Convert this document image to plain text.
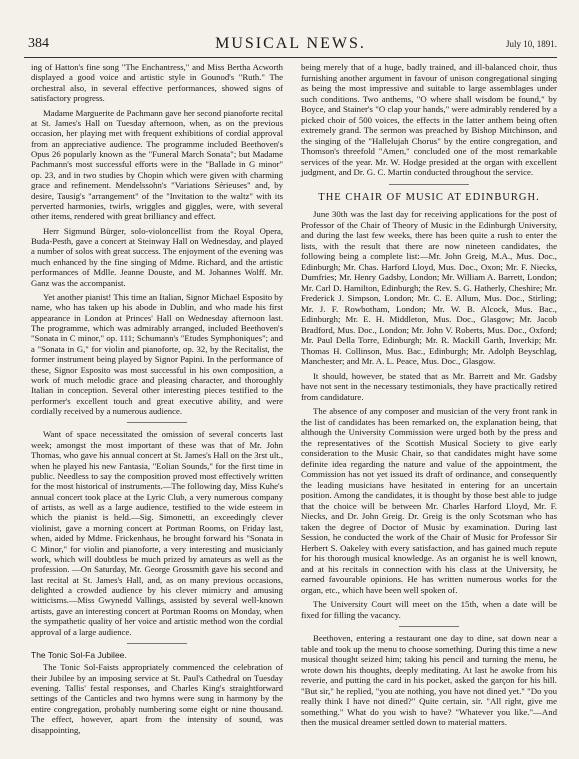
384	MUSICAL NEWS.	July 10, 1891.

ing of Hatton's fine song "The Enchantress," and Miss Bertha Acworth displayed a good voice and artistic style in Gounod's "Ruth." The orchestral also, in several effective performances, showed signs of satisfactory progress.

Madame Marguerite de Pachmann gave her second pianoforte recital at St. James's Hall on Tuesday afternoon, when, as on the previous occasion, her playing met with frequent exhibitions of cordial approval from an appreciative audience. The programme included Beethoven's Opus 26 popularly known as the "Funeral March Sonata"; but Madame Pachmann's most successful efforts were in the "Ballade in G minor" op. 23, and in two studies by Chopin which were given with charming grace and refinement. Mendelssohn's "Variations Sérieuses" and, by desire, Tausig's "arrangement" of the "Invitation to the waltz" with its perverted harmonies, twirls, wriggles and giggles, were, with several other items, rendered with great brilliancy and effect.

Herr Sigmund Bürger, solo-violoncellist from the Royal Opera, Buda-Pesth, gave a concert at Steinway Hall on Wednesday, and played a number of solos with great success. The enjoyment of the evening was much enhanced by the fine singing of Mdme. Richard, and the artistic performances of Mdlle. Jeanne Douste, and M. Johannes Wolff. Mr. Ganz was the accompanist.

Yet another pianist! This time an Italian, Signor Michael Esposito by name, who has taken up his abode in Dublin, and who made his first appearance in London at Princes' Hall on Wednesday afternoon last. The programme, which was admirably arranged, included Beethoven's "Sonata in C minor," op. 111; Schumann's "Etudes Symphoniques"; and a "Sonata in G," for violin and pianoforte, op. 32, by the Recitalist, the former instrument being played by Signor Papini. In the performance of these, Signor Esposito was most successful in his own composition, a work of much melodic grace and pleasing character, and thoroughly Italian in conception. Several other interesting pieces testified to the performer's excellent touch and great executive ability, and were cordially received by a numerous audience.

Want of space necessitated the omission of several concerts last week; amongst the most important of these was that of Mr. John Thomas, who gave his annual concert at St. James's Hall on the 3rst ult., when he played his new Fantasia, "Eolian Sounds," for the first time in public. Needless to say the composition proved most effectively written for the most historical of instruments.—The following day, Miss Kuhe's annual concert took place at the Lyric Club, a very numerous company of artists, as well as a large audience, testified to the wide esteem in which the pianist is held.—Sig. Simonetti, an exceedingly clever violinist, gave a morning concert at Portman Rooms, on Friday last, when, aided by Mdme. Frickenhaus, he brought forward his "Sonata in C Minor," for violin and pianoforte, a very interesting and musicianly work, which will doubtless be much prized by amateurs as well as the profession. —On Saturday, Mr. George Grossmith gave his second and last recital at St. James's Hall, and, as on many previous occasions, delighted a crowded audience by his clever mimicry and amusing witticisms.—Miss Gwynedd Vallings, assisted by several well-known artists, gave an interesting concert at Portman Rooms on Monday, when the sympathetic quality of her voice and artistic method won the cordial approval of a large audience.

The Tonic Sol-Fa Jubilee.

The Tonic Sol-Faists appropriately commenced the celebration of their Jubilee by an imposing service at St. Paul's Cathedral on Tuesday evening. Tallis' festal responses, and Charles King's straightforward settings of the Canticles and two hymns were sung in harmony by the entire congregation, probably numbering some eight or nine thousand. The effect, however, apart from the intensity of sound, was disappointing,

being merely that of a huge, badly trained, and ill-balanced choir, thus furnishing another argument in favour of unison congregational singing as being the most impressive and suitable to large assemblages under such conditions. Two anthems, "O where shall wisdom be found," by Boyce, and Stainer's "O clap your hands," were admirably rendered by a picked choir of 500 voices, the effects in the latter anthem being often extremely grand. The sermon was preached by Bishop Mitchinson, and the singing of the "Hallelujah Chorus" by the entire congregation, and Thomson's threefold "Amen," concluded one of the most remarkable services of the year. Mr. W. Hodge presided at the organ with excellent judgment, and Dr. G. C. Martin conducted throughout the service.

THE CHAIR OF MUSIC AT EDINBURGH.

June 30th was the last day for receiving applications for the post of Professor of the Chair of Theory of Music in the Edinburgh University, and during the last few weeks, there has been quite a rush to enter the lists, with the result that there are now nineteen candidates, the following being a complete list:—Mr. John Greig, M.A., Mus. Doc., Edinburgh; Mr. Chas. Harford Lloyd, Mus. Doc., Oxon; Mr. F. Niecks, Dumfries; Mr. Henry Gadsby, London; Mr. William A. Barrett, London; Mr. Carl D. Hamilton, Edinburgh; the Rev. S. G. Hatherly, Cheshire; Mr. Frederick J. Simpson, London; Mr. C. E. Allum, Mus. Doc., Stirling; Mr. J. F. Rowbotham, London; Mr. W. B. Alcock, Mus. Bac., Edinburgh; Mr. E. H. Middleton, Mus. Doc., Glasgow; Mr. Jacob Bradford, Mus. Doc., London; Mr. John V. Roberts, Mus. Doc., Oxford; Mr. Paul Della Torre, Edinburgh; Mr. R. Mackill Garth, Inverkip; Mr. Thomas H. Collinson, Mus. Bac., Edinburgh; Mr. Adolph Beyschlag, Manchester; and Mr. A. L. Peace, Mus. Doc., Glasgow.

It should, however, be stated that as Mr. Barrett and Mr. Gadsby have not sent in the necessary testimonials, they have practically retired from candidature.

The absence of any composer and musician of the very front rank in the list of candidates has been remarked on, the explanation being, that although the University Commission were urged both by the press and the representatives of the Scottish Musical Society to give early consideration to the Music Chair, so that candidates might have some definite idea regarding the nature and value of the appointment, the Commission has not yet issued its draft of ordinance, and consequently the leading musicians have hesitated in entering for an uncertain position. Among the candidates, it is thought by those best able to judge that the choice will be between Mr. Charles Harford Lloyd, Mr. F. Niecks, and Dr. John Greig. Dr. Greig is the only Scotsman who has taken the degree of Doctor of Music by examination. During last Session, he conducted the work of the Chair of Music for Professor Sir Herbert S. Oakeley with every satisfaction, and has gained much repute for his thorough musical knowledge. As an organist he is well known, and at his recitals in connection with his class at the University, he earned favourable opinions. He has written numerous works for the organ, etc., which have been well spoken of.

The University Court will meet on the 15th, when a date will be fixed for filling the vacancy.

Beethoven, entering a restaurant one day to dine, sat down near a table and took up the menu to choose something. During this time a new musical thought seized him; taking his pencil and turning the menu, he wrote down his thoughts, deeply meditating. At last he awoke from his reverie, and putting the card in his pocket, asked the garçon for his bill. "But sir," he replied, "you ate nothing, you have not dined yet." "Do you really think I have not dined?" Quite certain, sir. "All right, give me something." What do you wish to have? "Whatever you like."—And then the musical dreamer settled down to material matters.
